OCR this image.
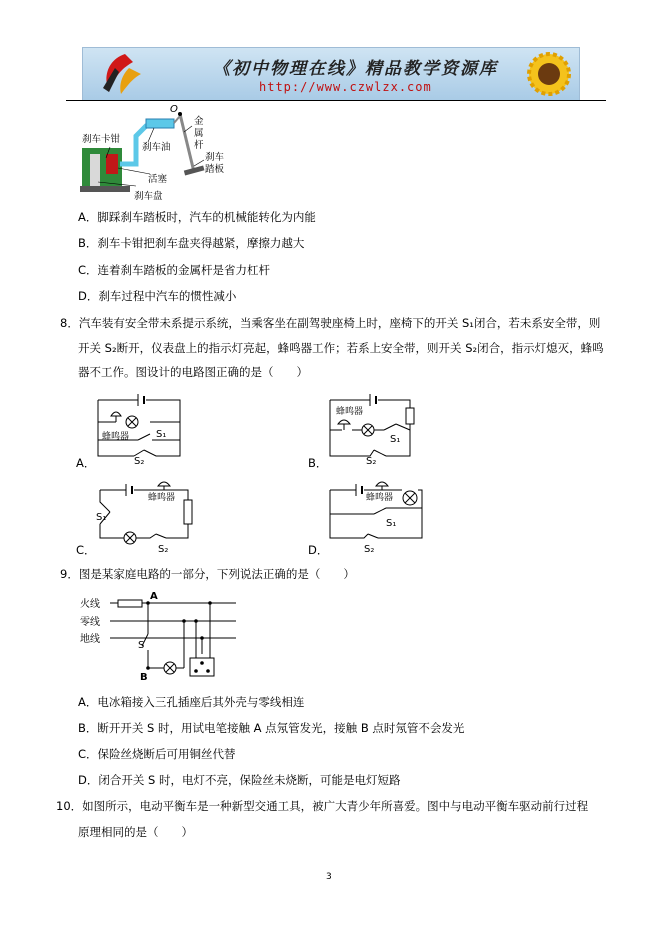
《初中物理在线》精品教学资源库
http://www.czwlzx.com
O
刹车卡钳
刹车油
活塞
刹车盘
金属杆
刹车踏板
A．脚踩刹车踏板时，汽车的机械能转化为内能
B．刹车卡钳把刹车盘夹得越紧，摩擦力越大
C．连着刹车踏板的金属杆是省力杠杆
D．刹车过程中汽车的惯性减小
8．汽车装有安全带未系提示系统，当乘客坐在副驾驶座椅上时，座椅下的开关 S₁闭合，若未系安全带，则
开关 S₂断开，仪表盘上的指示灯亮起，蜂鸣器工作；若系上安全带，则开关 S₂闭合，指示灯熄灭，蜂鸣
器不工作。图设计的电路图正确的是（　　）
蜂鸣器	S₁
S₂
A．
蜂鸣器
S₁
S₂
B．
蜂鸣器
S₁
S₂
C．
蜂鸣器
S₁
S₂
D．
9．图是某家庭电路的一部分，下列说法正确的是（　　）
火线
零线
地线
A
S
B
A．电冰箱接入三孔插座后其外壳与零线相连
B．断开开关 S 时，用试电笔接触 A 点氖管发光，接触 B 点时氖管不会发光
C．保险丝烧断后可用铜丝代替
D．闭合开关 S 时，电灯不亮，保险丝未烧断，可能是电灯短路
10．如图所示，电动平衡车是一种新型交通工具，被广大青少年所喜爱。图中与电动平衡车驱动前行过程
原理相同的是（　　）
3
